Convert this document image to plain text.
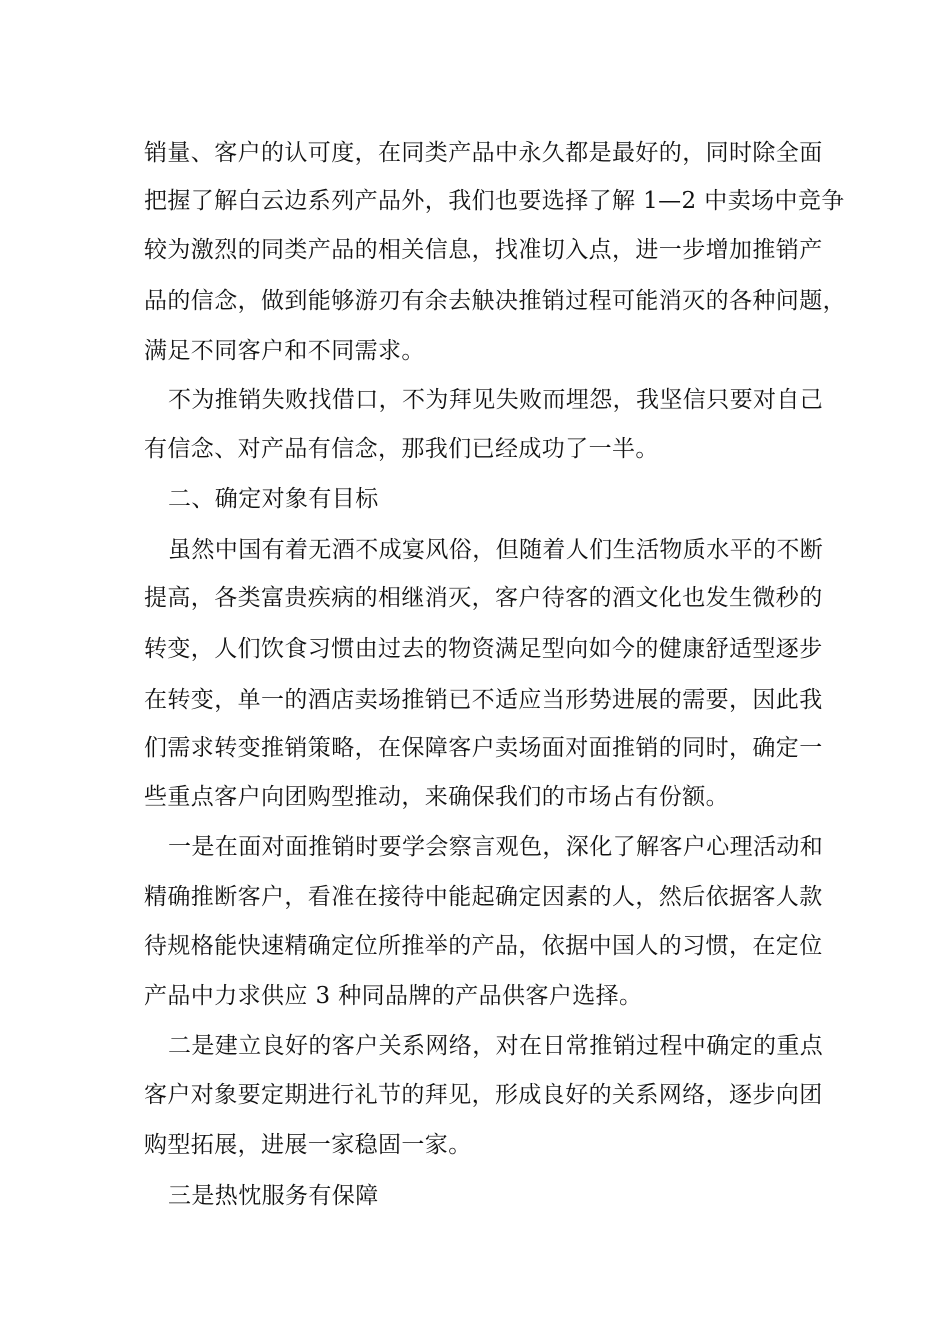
销量、客户的认可度，在同类产品中永久都是最好的，同时除全面
把握了解白云边系列产品外，我们也要选择了解 1—2 中卖场中竞争
较为激烈的同类产品的相关信息，找准切入点，进一步增加推销产
品的信念，做到能够游刃有余去觖决推销过程可能消灭的各种问题，
满足不同客户和不同需求。
不为推销失败找借口，不为拜见失败而埋怨，我坚信只要对自己
有信念、对产品有信念，那我们已经成功了一半。
二、确定对象有目标
虽然中国有着无酒不成宴风俗，但随着人们生活物质水平的不断
提高，各类富贵疾病的相继消灭，客户待客的酒文化也发生微秒的
转变，人们饮食习惯由过去的物资满足型向如今的健康舒适型逐步
在转变，单一的酒店卖场推销已不适应当形势进展的需要，因此我
们需求转变推销策略，在保障客户卖场面对面推销的同时，确定一
些重点客户向团购型推动，来确保我们的市场占有份额。
一是在面对面推销时要学会察言观色，深化了解客户心理活动和
精确推断客户，看准在接待中能起确定因素的人，然后依据客人款
待规格能快速精确定位所推举的产品，依据中国人的习惯，在定位
产品中力求供应 3 种同品牌的产品供客户选择。
二是建立良好的客户关系网络，对在日常推销过程中确定的重点
客户对象要定期进行礼节的拜见，形成良好的关系网络，逐步向团
购型拓展，进展一家稳固一家。
三是热忱服务有保障
